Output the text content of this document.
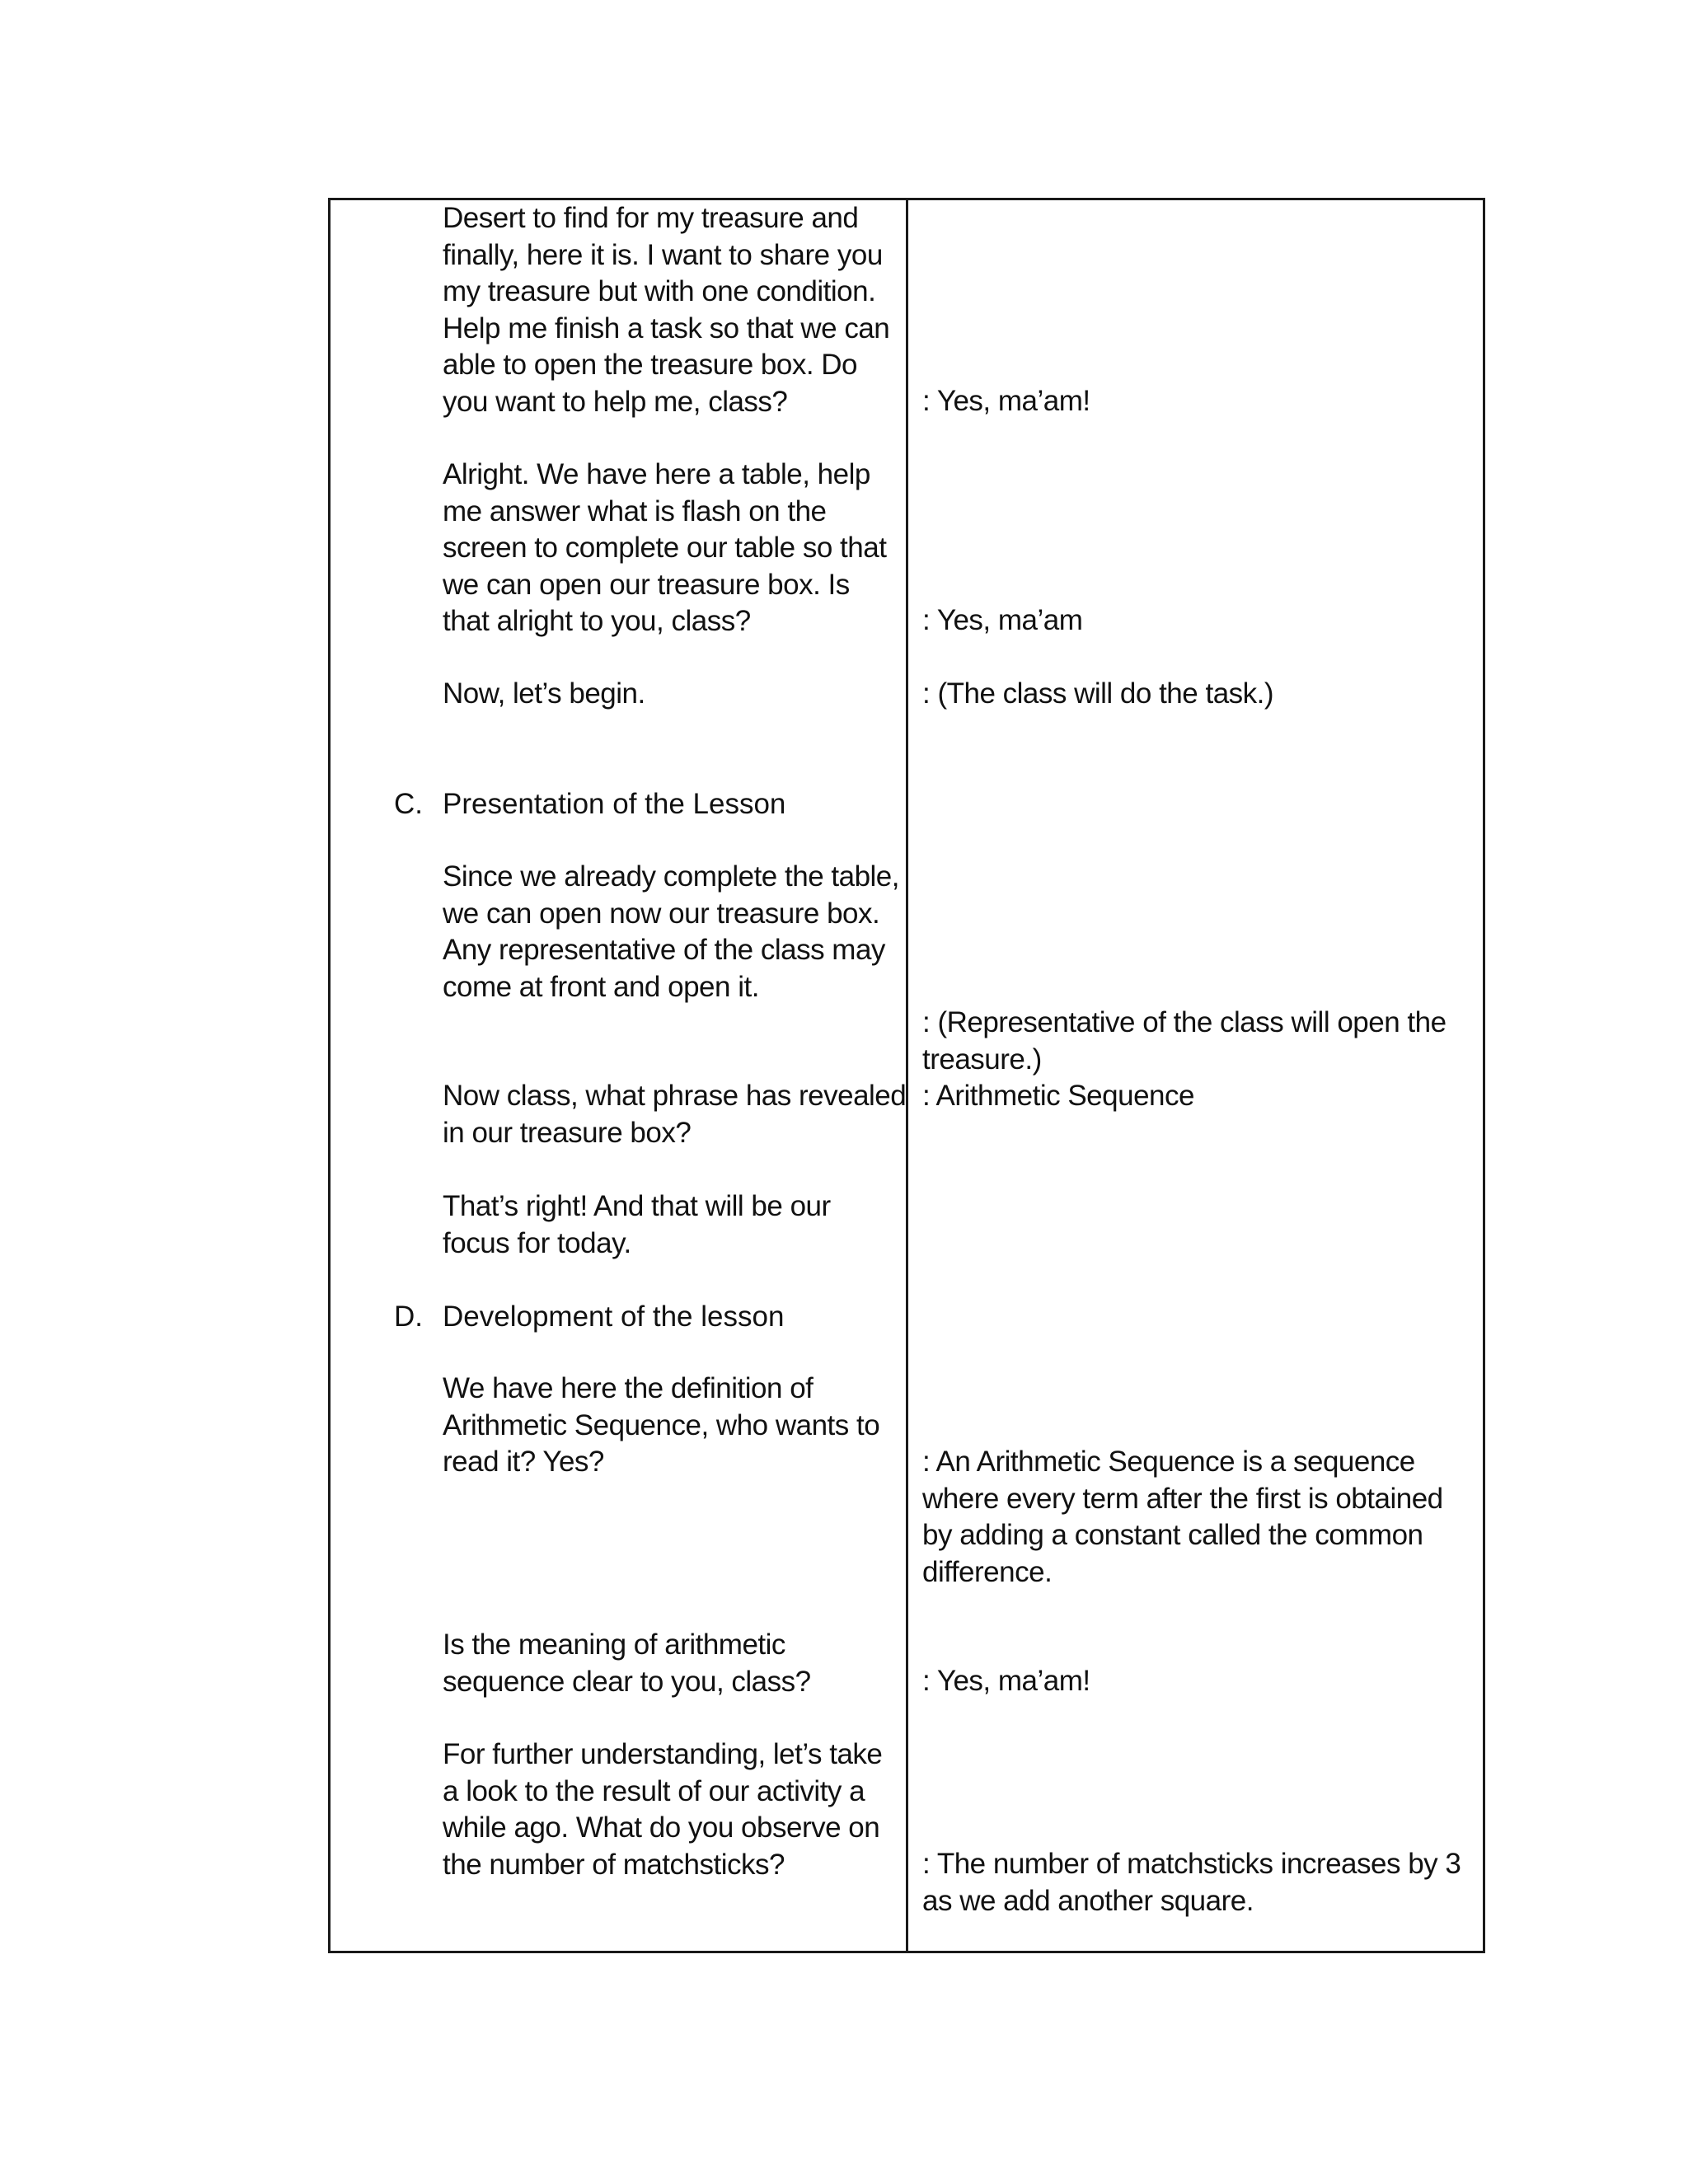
Desert to find for my treasure and
finally, here it is. I want to share you
my treasure but with one condition.
Help me finish a task so that we can
able to open the treasure box. Do
you want to help me, class?
Alright. We have here a table, help
me answer what is flash on the
screen to complete our table so that
we can open our treasure box. Is
that alright to you, class?
Now, let’s begin.
C. Presentation of the Lesson
Since we already complete the table,
we can open now our treasure box.
Any representative of the class may
come at front and open it.
Now class, what phrase has revealed
in our treasure box?
That’s right! And that will be our
focus for today.
D. Development of the lesson
We have here the definition of
Arithmetic Sequence, who wants to
read it? Yes?
Is the meaning of arithmetic
sequence clear to you, class?
For further understanding, let’s take
a look to the result of our activity a
while ago. What do you observe on
the number of matchsticks?
: Yes, ma’am!
: Yes, ma’am
: (The class will do the task.)
: (Representative of the class will open the
treasure.)
: Arithmetic Sequence
: An Arithmetic Sequence is a sequence
where every term after the first is obtained
by adding a constant called the common
difference.
: Yes, ma’am!
: The number of matchsticks increases by 3
as we add another square.
